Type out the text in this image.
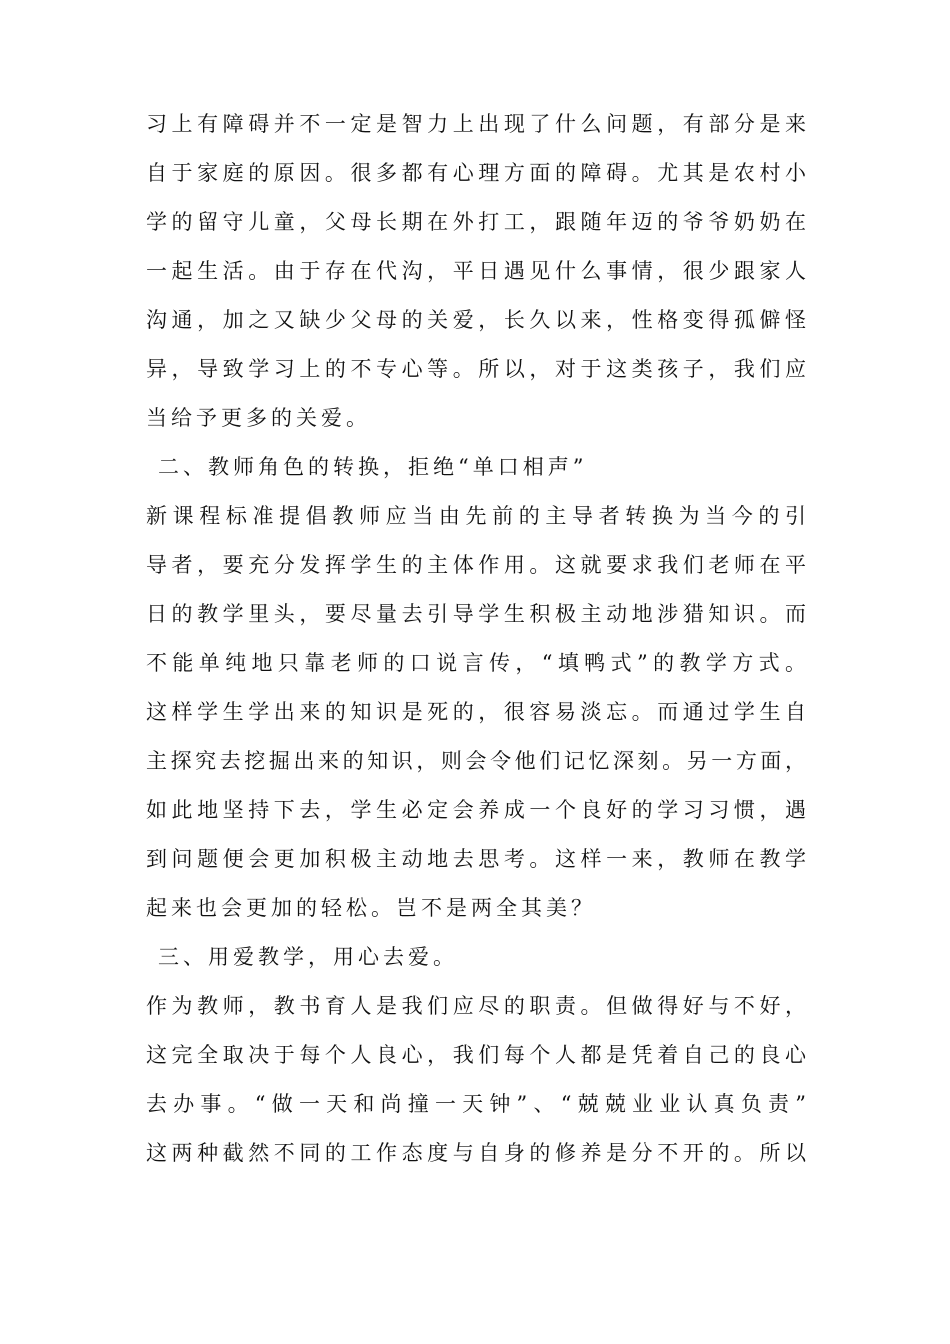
习上有障碍并不一定是智力上出现了什么问题，有部分是来
自于家庭的原因。很多都有心理方面的障碍。尤其是农村小
学的留守儿童，父母长期在外打工，跟随年迈的爷爷奶奶在
一起生活。由于存在代沟，平日遇见什么事情，很少跟家人
沟通，加之又缺少父母的关爱，长久以来，性格变得孤僻怪
异，导致学习上的不专心等。所以，对于这类孩子，我们应
当给予更多的关爱。
二、教师角色的转换，拒绝“单口相声”
新课程标准提倡教师应当由先前的主导者转换为当今的引
导者，要充分发挥学生的主体作用。这就要求我们老师在平
日的教学里头，要尽量去引导学生积极主动地涉猎知识。而
不能单纯地只靠老师的口说言传，“填鸭式”的教学方式。
这样学生学出来的知识是死的，很容易淡忘。而通过学生自
主探究去挖掘出来的知识，则会令他们记忆深刻。另一方面，
如此地坚持下去，学生必定会养成一个良好的学习习惯，遇
到问题便会更加积极主动地去思考。这样一来，教师在教学
起来也会更加的轻松。岂不是两全其美？
三、用爱教学，用心去爱。
作为教师，教书育人是我们应尽的职责。但做得好与不好，
这完全取决于每个人良心，我们每个人都是凭着自己的良心
去办事。“做一天和尚撞一天钟”、“兢兢业业认真负责”
这两种截然不同的工作态度与自身的修养是分不开的。所以
